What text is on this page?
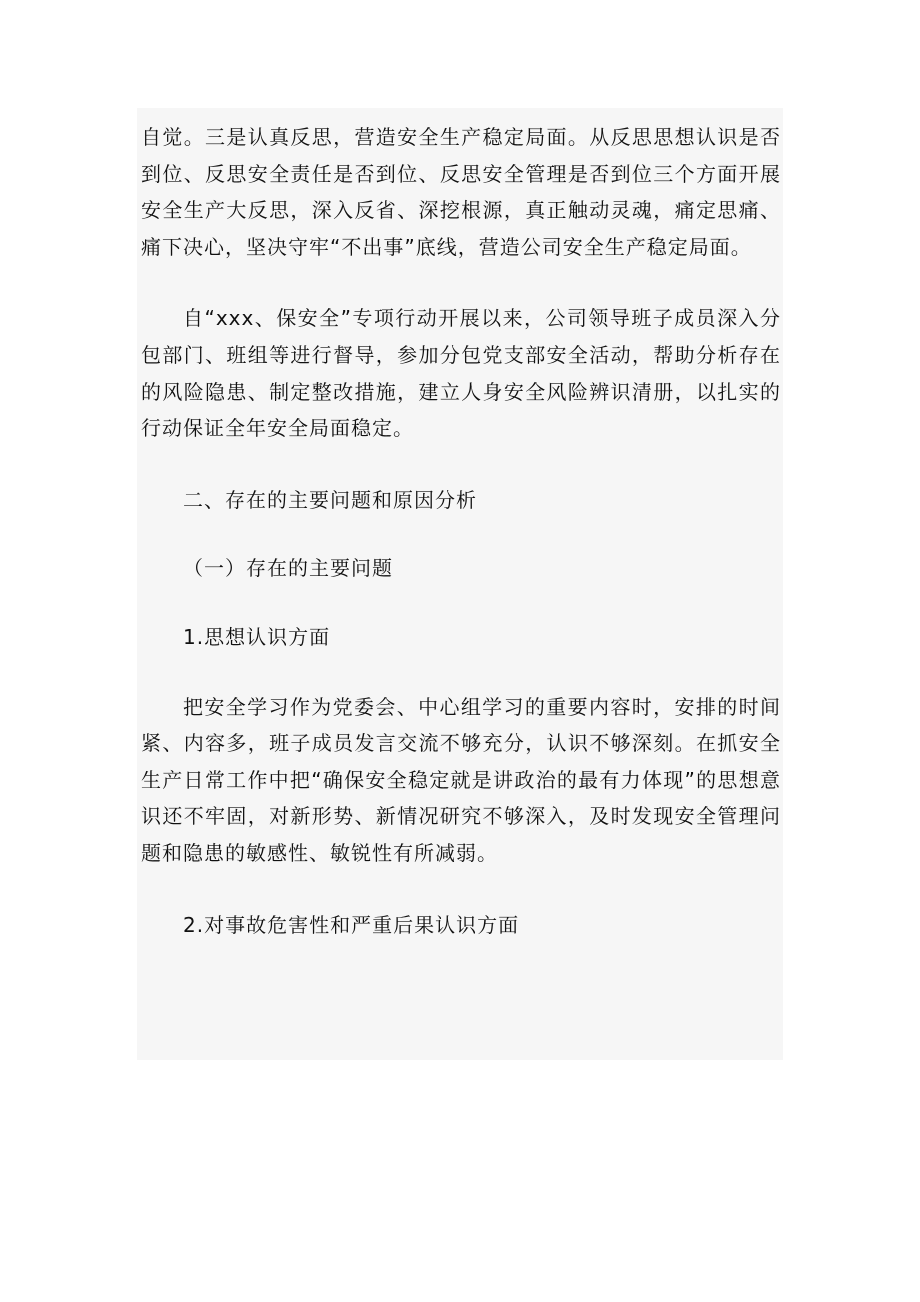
自觉。三是认真反思，营造安全生产稳定局面。从反思思想认识是否到位、反思安全责任是否到位、反思安全管理是否到位三个方面开展安全生产大反思，深入反省、深挖根源，真正触动灵魂，痛定思痛、痛下决心，坚决守牢“不出事”底线，营造公司安全生产稳定局面。

自“xxx、保安全”专项行动开展以来，公司领导班子成员深入分包部门、班组等进行督导，参加分包党支部安全活动，帮助分析存在的风险隐患、制定整改措施，建立人身安全风险辨识清册，以扎实的行动保证全年安全局面稳定。

二、存在的主要问题和原因分析

（一）存在的主要问题

1.思想认识方面

把安全学习作为党委会、中心组学习的重要内容时，安排的时间紧、内容多，班子成员发言交流不够充分，认识不够深刻。在抓安全生产日常工作中把“确保安全稳定就是讲政治的最有力体现”的思想意识还不牢固，对新形势、新情况研究不够深入，及时发现安全管理问题和隐患的敏感性、敏锐性有所减弱。

2.对事故危害性和严重后果认识方面
